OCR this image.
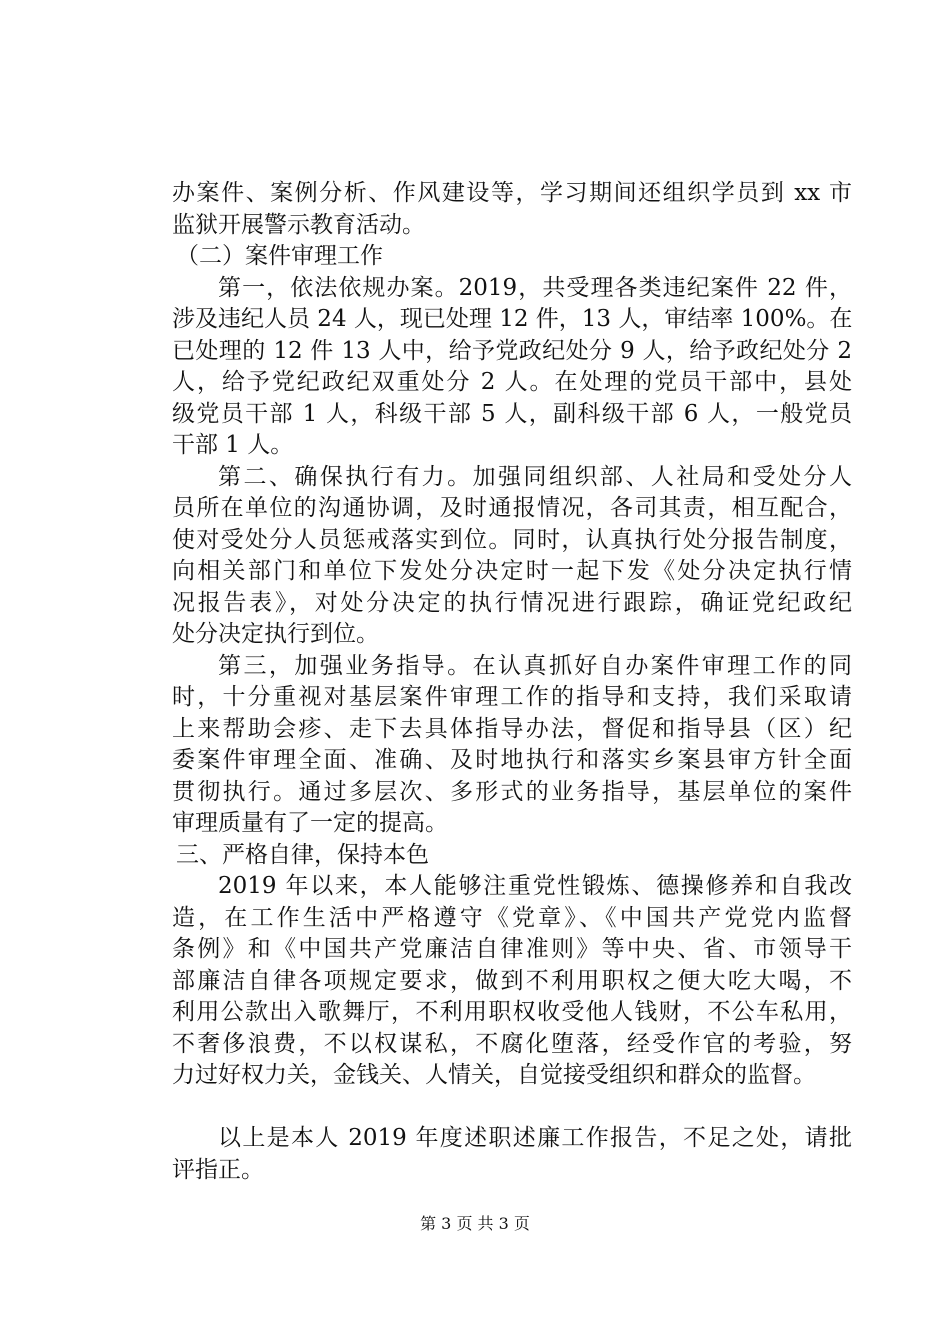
办案件、案例分析、作风建设等，学习期间还组织学员到 xx 市
监狱开展警示教育活动。
（二）案件审理工作
第一，依法依规办案。2019，共受理各类违纪案件 22 件，
涉及违纪人员 24 人，现已处理 12 件，13 人，审结率 100%。在
已处理的 12 件 13 人中，给予党政纪处分 9 人，给予政纪处分 2
人，给予党纪政纪双重处分 2 人。在处理的党员干部中，县处
级党员干部 1 人，科级干部 5 人，副科级干部 6 人，一般党员
干部 1 人。
第二、确保执行有力。加强同组织部、人社局和受处分人
员所在单位的沟通协调，及时通报情况，各司其责，相互配合，
使对受处分人员惩戒落实到位。同时，认真执行处分报告制度，
向相关部门和单位下发处分决定时一起下发《处分决定执行情
况报告表》，对处分决定的执行情况进行跟踪，确证党纪政纪
处分决定执行到位。
第三，加强业务指导。在认真抓好自办案件审理工作的同
时，十分重视对基层案件审理工作的指导和支持，我们采取请
上来帮助会疹、走下去具体指导办法，督促和指导县（区）纪
委案件审理全面、准确、及时地执行和落实乡案县审方针全面
贯彻执行。通过多层次、多形式的业务指导，基层单位的案件
审理质量有了一定的提高。
三、严格自律，保持本色
2019 年以来，本人能够注重党性锻炼、德操修养和自我改
造，在工作生活中严格遵守《党章》、《中国共产党党内监督
条例》和《中国共产党廉洁自律准则》等中央、省、市领导干
部廉洁自律各项规定要求，做到不利用职权之便大吃大喝，不
利用公款出入歌舞厅，不利用职权收受他人钱财，不公车私用，
不奢侈浪费，不以权谋私，不腐化堕落，经受作官的考验，努
力过好权力关，金钱关、人情关，自觉接受组织和群众的监督。
以上是本人 2019 年度述职述廉工作报告，不足之处，请批
评指正。
第 3 页 共 3 页
